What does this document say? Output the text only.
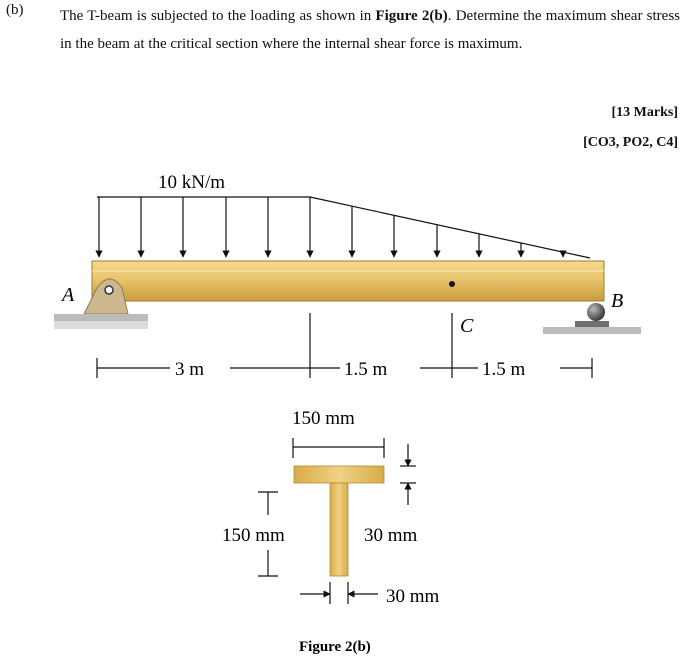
(b) The T-beam is subjected to the loading as shown in Figure 2(b). Determine the maximum shear stress in the beam at the critical section where the internal shear force is maximum.
[13 Marks]
[CO3, PO2, C4]
10 kN/m
A	B
C
3 m	1.5 m	1.5 m
150 mm
30 mm
150 mm
30 mm
Figure 2(b)
